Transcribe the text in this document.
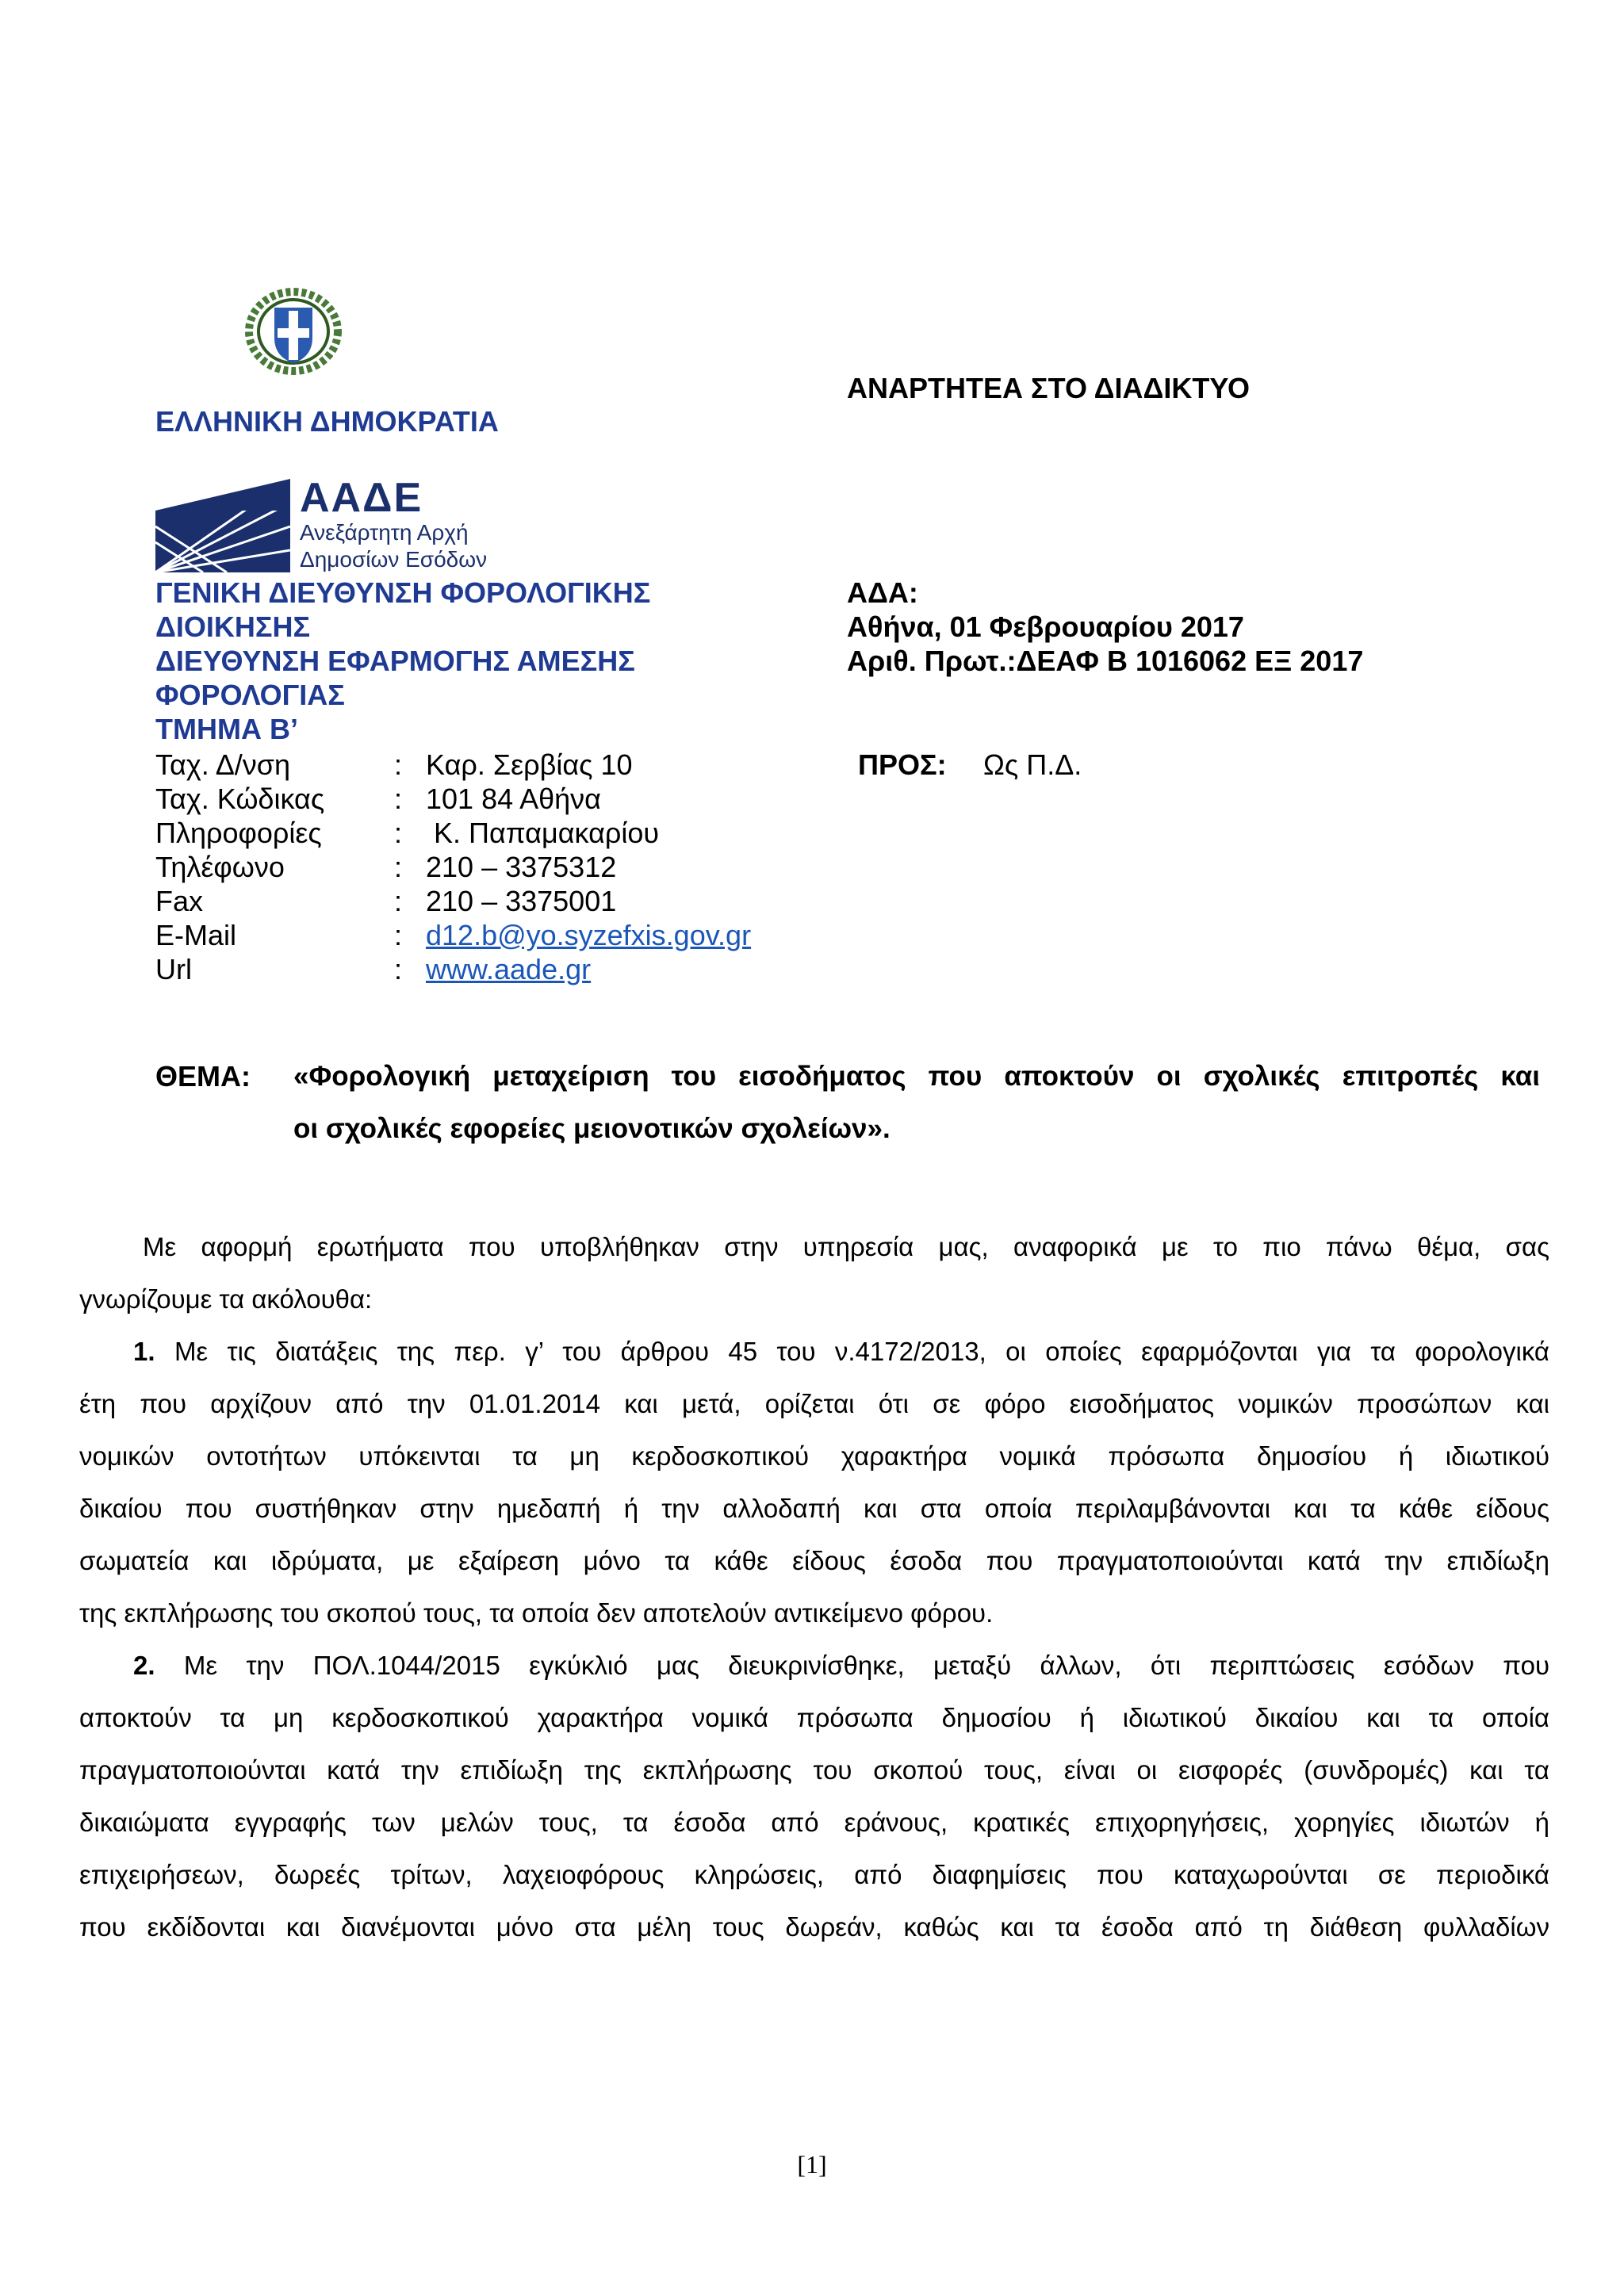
ΕΛΛΗΝΙΚΗ ΔΗΜΟΚΡΑΤΙΑ
ΑΝΑΡΤΗΤΕΑ ΣΤΟ ΔΙΑΔΙΚΤΥΟ
ΑΑΔΕ
Ανεξάρτητη Αρχή
Δημοσίων Εσόδων
ΓΕΝΙΚΗ ΔΙΕΥΘΥΝΣΗ ΦΟΡΟΛΟΓΙΚΗΣ
ΔΙΟΙΚΗΣΗΣ
ΔΙΕΥΘΥΝΣΗ ΕΦΑΡΜΟΓΗΣ ΑΜΕΣΗΣ
ΦΟΡΟΛΟΓΙΑΣ
ΤΜΗΜΑ Β’
ΑΔΑ:
Αθήνα, 01 Φεβρουαρίου 2017
Αριθ. Πρωτ.:ΔΕΑΦ Β 1016062 ΕΞ 2017
Ταχ. Δ/νση	: Καρ. Σερβίας 10
Ταχ. Κώδικας : 101 84 Αθήνα
Πληροφορίες	: Κ. Παπαμακαρίου
Τηλέφωνο	: 210 – 3375312
Fax	: 210 – 3375001
E-Mail	: d12.b@yo.syzefxis.gov.gr
Url	: www.aade.gr
ΠΡΟΣ: Ως Π.Δ.
ΘΕΜΑ: «Φορολογική μεταχείριση του εισοδήματος που αποκτούν οι σχολικές επιτροπές και
οι σχολικές εφορείες μειονοτικών σχολείων».
Με αφορμή ερωτήματα που υποβλήθηκαν στην υπηρεσία μας, αναφορικά με το πιο πάνω θέμα, σας
γνωρίζουμε τα ακόλουθα:
1. Με τις διατάξεις της περ. γ’ του άρθρου 45 του ν.4172/2013, οι οποίες εφαρμόζονται για τα φορολογικά
έτη που αρχίζουν από την 01.01.2014 και μετά, ορίζεται ότι σε φόρο εισοδήματος νομικών προσώπων και
νομικών οντοτήτων υπόκεινται τα μη κερδοσκοπικού χαρακτήρα νομικά πρόσωπα δημοσίου ή ιδιωτικού
δικαίου που συστήθηκαν στην ημεδαπή ή την αλλοδαπή και στα οποία περιλαμβάνονται και τα κάθε είδους
σωματεία και ιδρύματα, με εξαίρεση μόνο τα κάθε είδους έσοδα που πραγματοποιούνται κατά την επιδίωξη
της εκπλήρωσης του σκοπού τους, τα οποία δεν αποτελούν αντικείμενο φόρου.
2. Με την ΠΟΛ.1044/2015 εγκύκλιό μας διευκρινίσθηκε, μεταξύ άλλων, ότι περιπτώσεις εσόδων που
αποκτούν τα μη κερδοσκοπικού χαρακτήρα νομικά πρόσωπα δημοσίου ή ιδιωτικού δικαίου και τα οποία
πραγματοποιούνται κατά την επιδίωξη της εκπλήρωσης του σκοπού τους, είναι οι εισφορές (συνδρομές) και τα
δικαιώματα εγγραφής των μελών τους, τα έσοδα από εράνους, κρατικές επιχορηγήσεις, χορηγίες ιδιωτών ή
επιχειρήσεων, δωρεές τρίτων, λαχειοφόρους κληρώσεις, από διαφημίσεις που καταχωρούνται σε περιοδικά
που εκδίδονται και διανέμονται μόνο στα μέλη τους δωρεάν, καθώς και τα έσοδα από τη διάθεση φυλλαδίων
[1]
